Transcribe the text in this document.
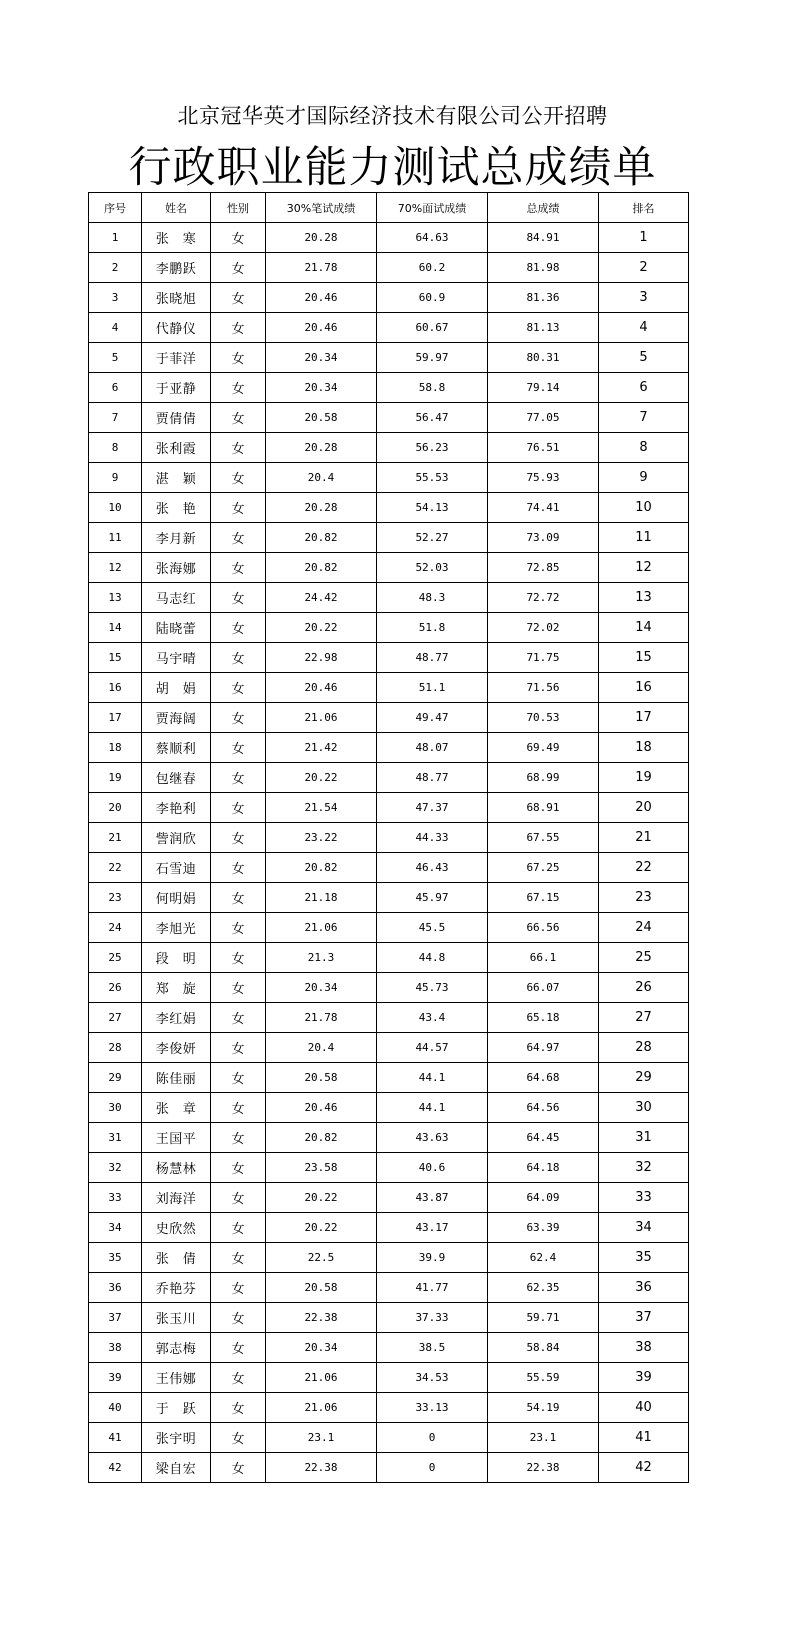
北京冠华英才国际经济技术有限公司公开招聘
行政职业能力测试总成绩单
序号	姓名	性别	30%笔试成绩	70%面试成绩	总成绩	排名
1	张　寒	女	20.28	64.63	84.91	1
2	李鹏跃	女	21.78	60.2	81.98	2
3	张晓旭	女	20.46	60.9	81.36	3
4	代静仪	女	20.46	60.67	81.13	4
5	于菲洋	女	20.34	59.97	80.31	5
6	于亚静	女	20.34	58.8	79.14	6
7	贾倩倩	女	20.58	56.47	77.05	7
8	张利霞	女	20.28	56.23	76.51	8
9	湛　颖	女	20.4	55.53	75.93	9
10	张　艳	女	20.28	54.13	74.41	10
11	李月新	女	20.82	52.27	73.09	11
12	张海娜	女	20.82	52.03	72.85	12
13	马志红	女	24.42	48.3	72.72	13
14	陆晓蕾	女	20.22	51.8	72.02	14
15	马宇晴	女	22.98	48.77	71.75	15
16	胡　娟	女	20.46	51.1	71.56	16
17	贾海阔	女	21.06	49.47	70.53	17
18	蔡顺利	女	21.42	48.07	69.49	18
19	包继春	女	20.22	48.77	68.99	19
20	李艳利	女	21.54	47.37	68.91	20
21	訾润欣	女	23.22	44.33	67.55	21
22	石雪迪	女	20.82	46.43	67.25	22
23	何明娟	女	21.18	45.97	67.15	23
24	李旭光	女	21.06	45.5	66.56	24
25	段　明	女	21.3	44.8	66.1	25
26	郑　旋	女	20.34	45.73	66.07	26
27	李红娟	女	21.78	43.4	65.18	27
28	李俊妍	女	20.4	44.57	64.97	28
29	陈佳丽	女	20.58	44.1	64.68	29
30	张　章	女	20.46	44.1	64.56	30
31	王国平	女	20.82	43.63	64.45	31
32	杨慧林	女	23.58	40.6	64.18	32
33	刘海洋	女	20.22	43.87	64.09	33
34	史欣然	女	20.22	43.17	63.39	34
35	张　倩	女	22.5	39.9	62.4	35
36	乔艳芬	女	20.58	41.77	62.35	36
37	张玉川	女	22.38	37.33	59.71	37
38	郭志梅	女	20.34	38.5	58.84	38
39	王伟娜	女	21.06	34.53	55.59	39
40	于　跃	女	21.06	33.13	54.19	40
41	张宇明	女	23.1	0	23.1	41
42	梁自宏	女	22.38	0	22.38	42
